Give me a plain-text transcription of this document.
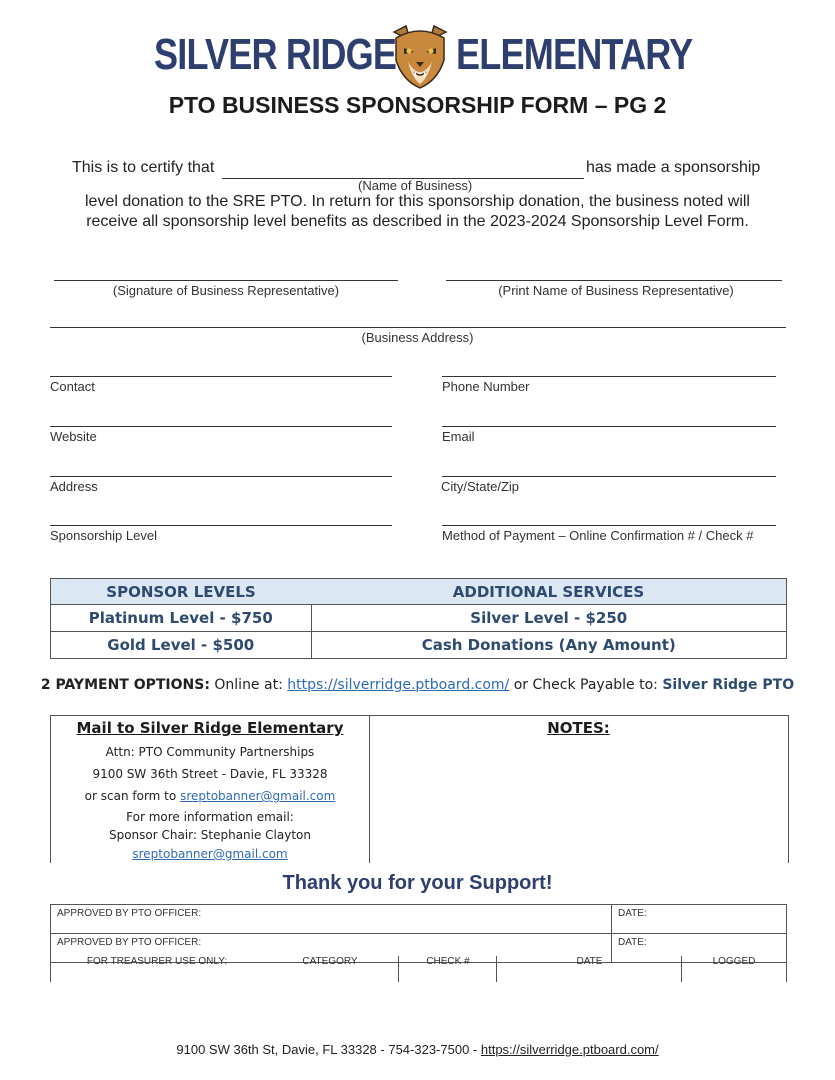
SILVER RIDGE ELEMENTARY
PTO BUSINESS SPONSORSHIP FORM – PG 2
This is to certify that	has made a sponsorship
(Name of Business)
level donation to the SRE PTO. In return for this sponsorship donation, the business noted will
receive all sponsorship level benefits as described in the 2023-2024 Sponsorship Level Form.
(Signature of Business Representative)	(Print Name of Business Representative)
(Business Address)
Contact	Phone Number
Website	Email
Address	City/State/Zip
Sponsorship Level	Method of Payment – Online Confirmation # / Check #
SPONSOR LEVELS	ADDITIONAL SERVICES
Platinum Level - $750	Silver Level - $250
Gold Level - $500	Cash Donations (Any Amount)
2 PAYMENT OPTIONS: Online at: https://silverridge.ptboard.com/ or Check Payable to: Silver Ridge PTO
Mail to Silver Ridge Elementary
Attn: PTO Community Partnerships
9100 SW 36th Street - Davie, FL 33328
or scan form to sreptobanner@gmail.com
For more information email:
Sponsor Chair: Stephanie Clayton
sreptobanner@gmail.com
NOTES:
Thank you for your Support!
APPROVED BY PTO OFFICER:	DATE:
APPROVED BY PTO OFFICER:	DATE:
FOR TREASURER USE ONLY:	CATEGORY	CHECK #	DATE	LOGGED
9100 SW 36th St, Davie, FL 33328 - 754-323-7500 - https://silverridge.ptboard.com/
